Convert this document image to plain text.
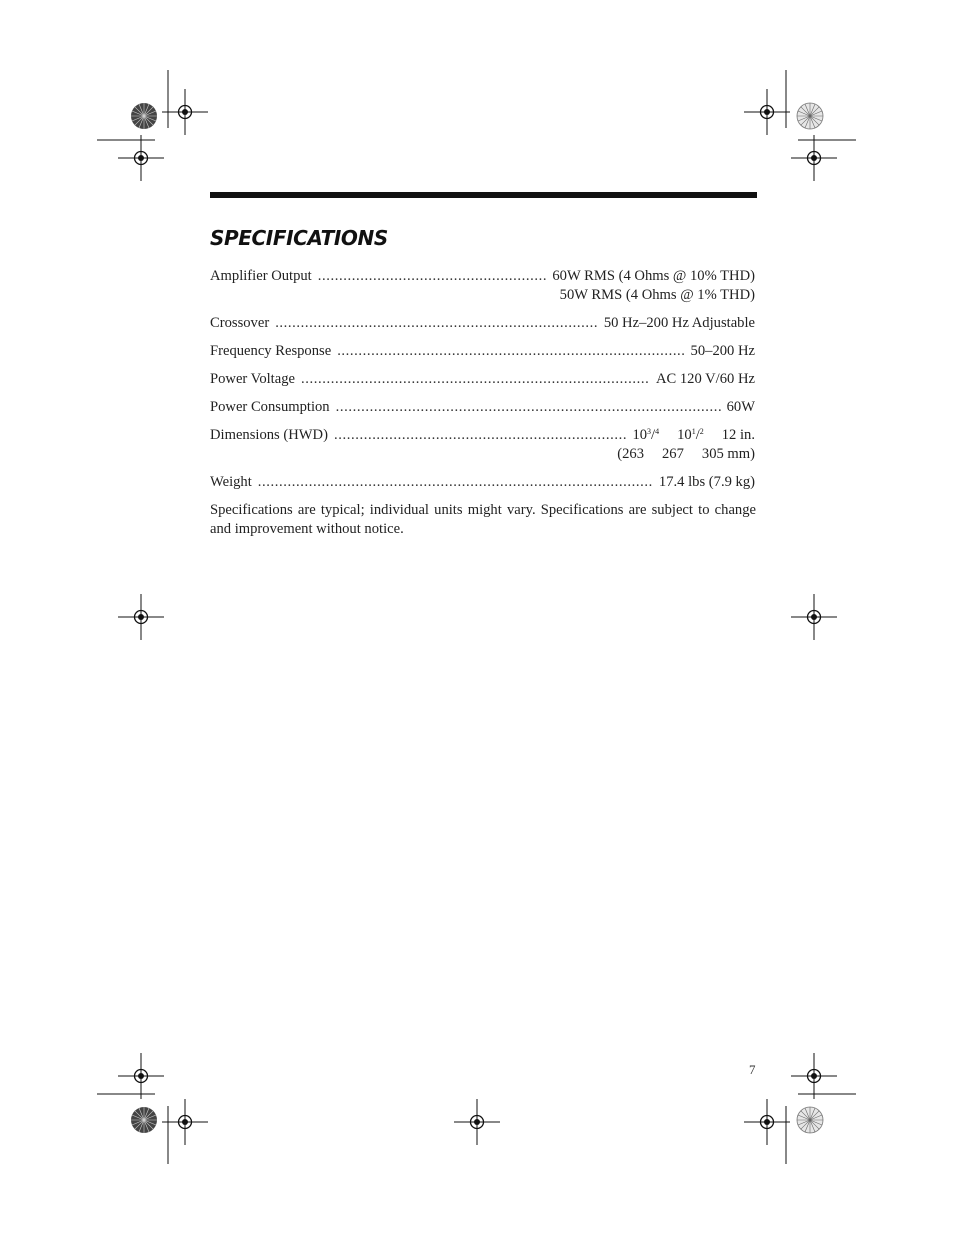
SPECIFICATIONS
Amplifier Output .....	60W RMS (4 Ohms @ 10% THD)
50W RMS (4 Ohms @ 1% THD)
Crossover .....	50 Hz–200 Hz Adjustable
Frequency Response .....	50–200 Hz
Power Voltage .....	AC 120 V/60 Hz
Power Consumption .....	60W
Dimensions (HWD) .....	$10^3/^4$ $10^1/^2$ 12 in.
(263 267 305 mm)
Weight .....	17.4 lbs (7.9 kg)

Specifications are typical; individual units might vary. Specifications are subject to change and improvement without notice.

7
